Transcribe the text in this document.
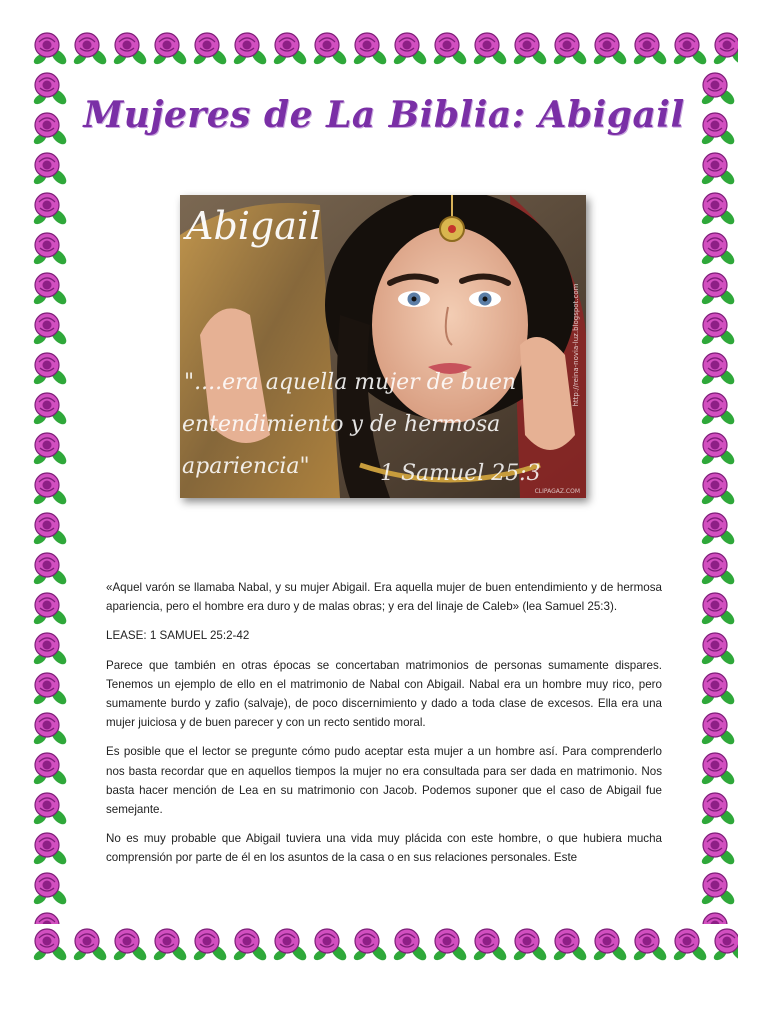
Mujeres de La Biblia: Abigail
Abigail
"....era aquella mujer de buen
entendimiento y de hermosa
apariencia"	1 Samuel 25:3
http://reina-novia-luz.blogspot.com
CLIPAGAZ.COM

«Aquel varón se llamaba Nabal, y su mujer Abigail. Era aquella mujer de buen entendimiento y de hermosa apariencia, pero el hombre era duro y de malas obras; y era del linaje de Caleb» (lea Samuel 25:3).

LEASE: 1 SAMUEL 25:2-42

Parece que también en otras épocas se concertaban matrimonios de personas sumamente dispares. Tenemos un ejemplo de ello en el matrimonio de Nabal con Abigail. Nabal era un hombre muy rico, pero sumamente burdo y zafio (salvaje), de poco discernimiento y dado a toda clase de excesos. Ella era una mujer juiciosa y de buen parecer y con un recto sentido moral.

Es posible que el lector se pregunte cómo pudo aceptar esta mujer a un hombre así. Para comprenderlo nos basta recordar que en aquellos tiempos la mujer no era consultada para ser dada en matrimonio. Nos basta hacer mención de Lea en su matrimonio con Jacob. Podemos suponer que el caso de Abigail fue semejante.

No es muy probable que Abigail tuviera una vida muy plácida con este hombre, o que hubiera mucha comprensión por parte de él en los asuntos de la casa o en sus relaciones personales. Este
